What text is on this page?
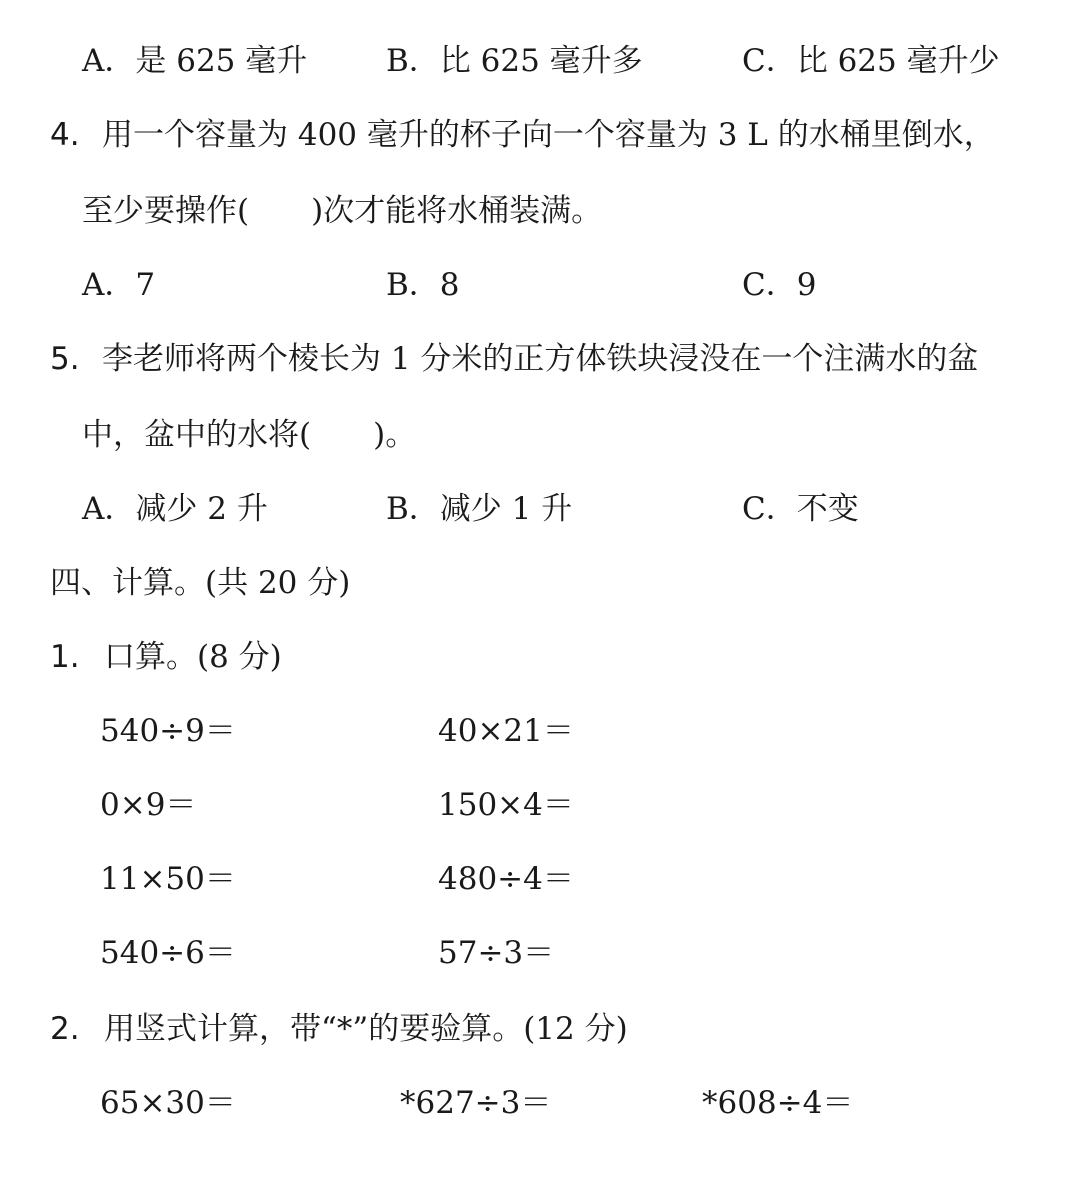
A．是 625 毫升	B．比 625 毫升多	C．比 625 毫升少
4. 用一个容量为 400 毫升的杯子向一个容量为 3 L 的水桶里倒水，
至少要操作(　　)次才能将水桶装满。
A．7	B．8	C．9
5. 李老师将两个棱长为 1 分米的正方体铁块浸没在一个注满水的盆
中，盆中的水将(　　)。
A．减少 2 升	B．减少 1 升	C．不变
四、计算。(共 20 分)
1. 口算。(8 分)
540÷9＝	40×21＝
0×9＝	150×4＝
11×50＝	480÷4＝
540÷6＝	57÷3＝
2. 用竖式计算，带“*”的要验算。(12 分)
65×30＝	*627÷3＝	*608÷4＝
